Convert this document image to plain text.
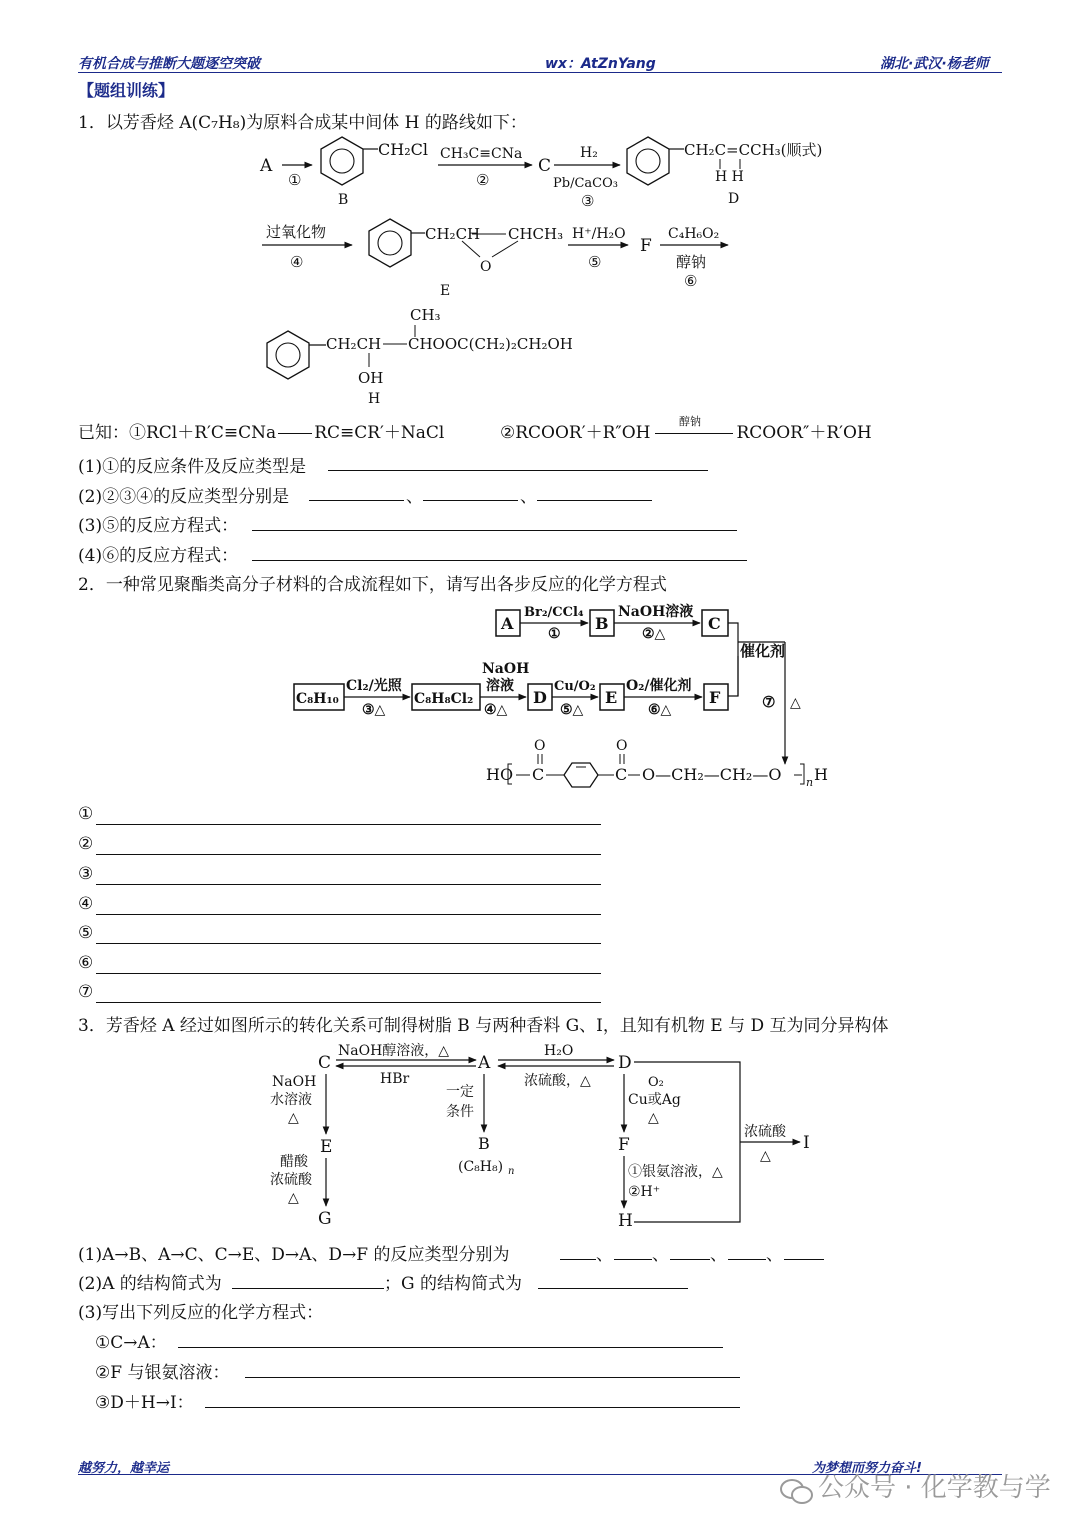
有机合成与推断大题逐空突破	wx：AtZnYang	湖北·武汉·杨老师
【题组训练】
1．以芳香烃 A(C₇H₈)为原料合成某中间体 H 的路线如下：
A
①
CH₂Cl
B
CH₃C≡CNa
②
C
H₂
Pb/CaCO₃
③
CH₂C=CCH₃(顺式)
H H
D
过氧化物
④
CH₂CH CHCH₃
O
E
H⁺/H₂O
⑤
F
C₄H₆O₂
醇钠
⑥
CH₂CH CHOOC(CH₂)₂CH₂OH
CH₃
OH
H
已知：①RCl＋R′C≡CNa RC≡CR′＋NaCl	②RCOOR′＋R″OH	RCOOR″＋R′OH
醇钠
(1)①的反应条件及反应类型是
(2)②③④的反应类型分别是	、	、
(3)⑤的反应方程式：
(4)⑥的反应方程式：
2．一种常见聚酯类高分子材料的合成流程如下，请写出各步反应的化学方程式
A
Br₂/CCl₄
①
B
NaOH溶液
②△
C
C₈H₁₀
Cl₂/光照
③△
C₈H₈Cl₂
NaOH
溶液
④△
D
Cu/O₂
⑤△
E
O₂/催化剂
⑥△
F
催化剂
⑦ △
HO C
O
C
O
O—CH₂—CH₂—O n H
①
②
③
④
⑤
⑥
⑦
3．芳香烃 A 经过如图所示的转化关系可制得树脂 B 与两种香料 G、I，且知有机物 E 与 D 互为同分异构体
C
NaOH醇溶液，△
HBr
A
H₂O
浓硫酸，△
D
NaOH
水溶液
△
E
醋酸
浓硫酸
△
G
一定
条件
B
(C₈H₈) n
O₂
Cu或Ag
△
F
①银氨溶液，△
②H⁺
H
浓硫酸
△
I
(1)A→B、A→C、C→E、D→A、D→F 的反应类型分别为	、 、 、 、
(2)A 的结构简式为	；G 的结构简式为
(3)写出下列反应的化学方程式：
①C→A：
②F 与银氨溶液：
③D＋H→I：
越努力，越幸运	为梦想而努力奋斗!
公众号 · 化学教与学
